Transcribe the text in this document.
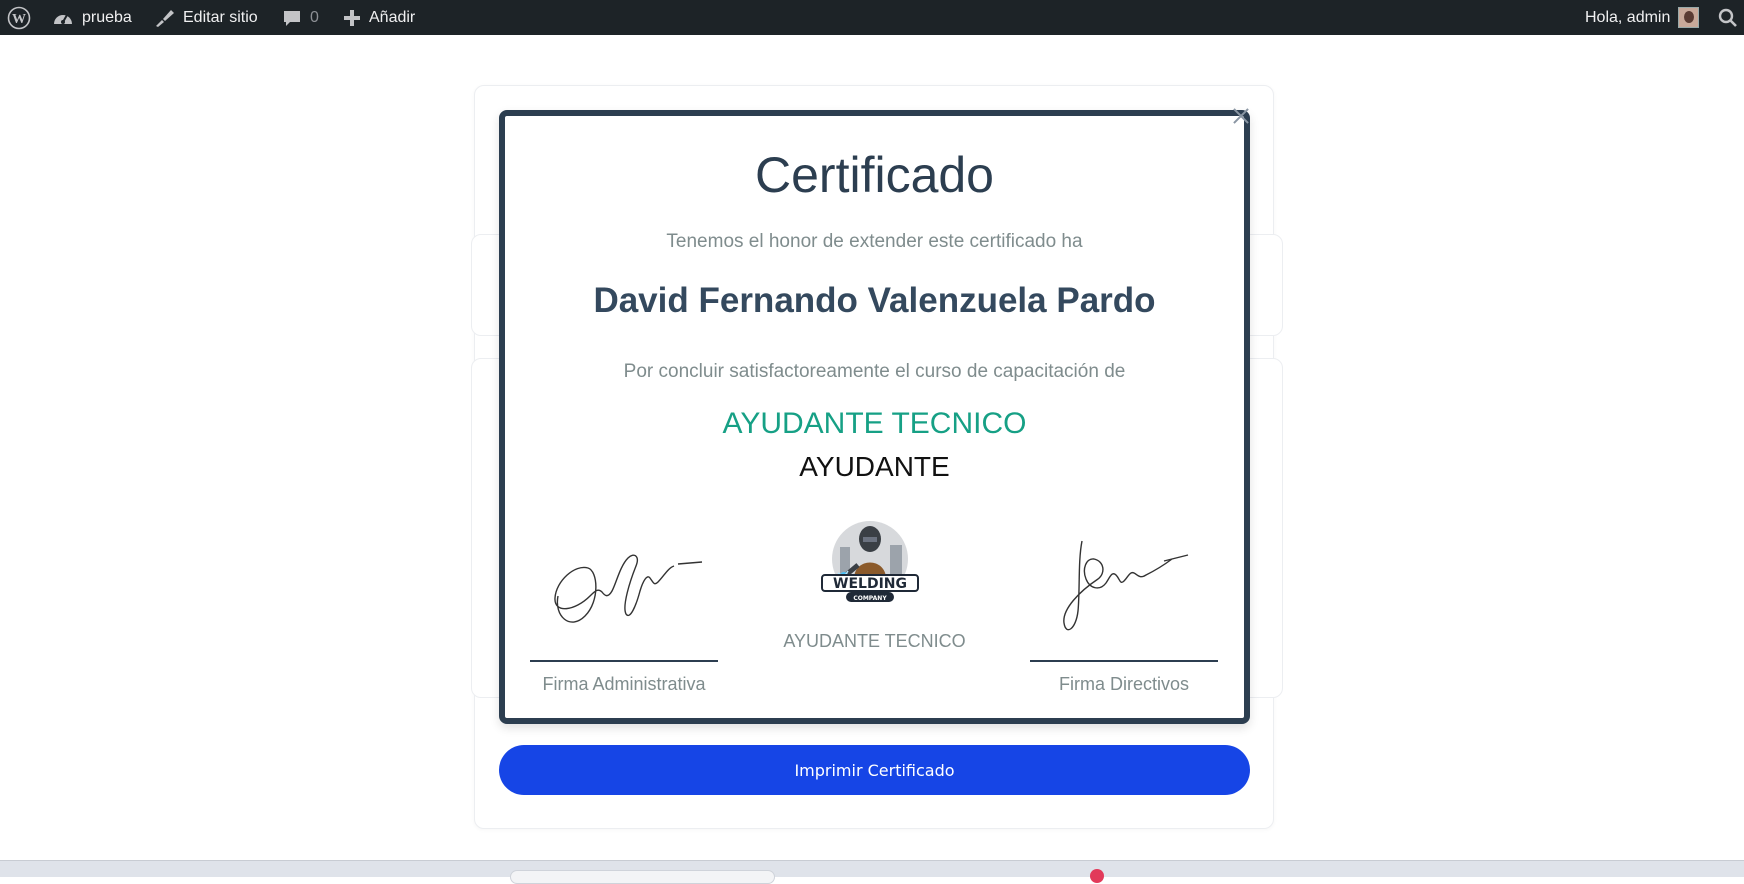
W	prueba	Editar sitio	0	Añadir	Hola, admin
Certificado
Tenemos el honor de extender este certificado ha
David Fernando Valenzuela Pardo
Por concluir satisfactoreamente el curso de capacitación de
AYUDANTE TECNICO
AYUDANTE
WELDING
COMPANY
AYUDANTE TECNICO
Firma Administrativa	Firma Directivos
Imprimir Certificado
